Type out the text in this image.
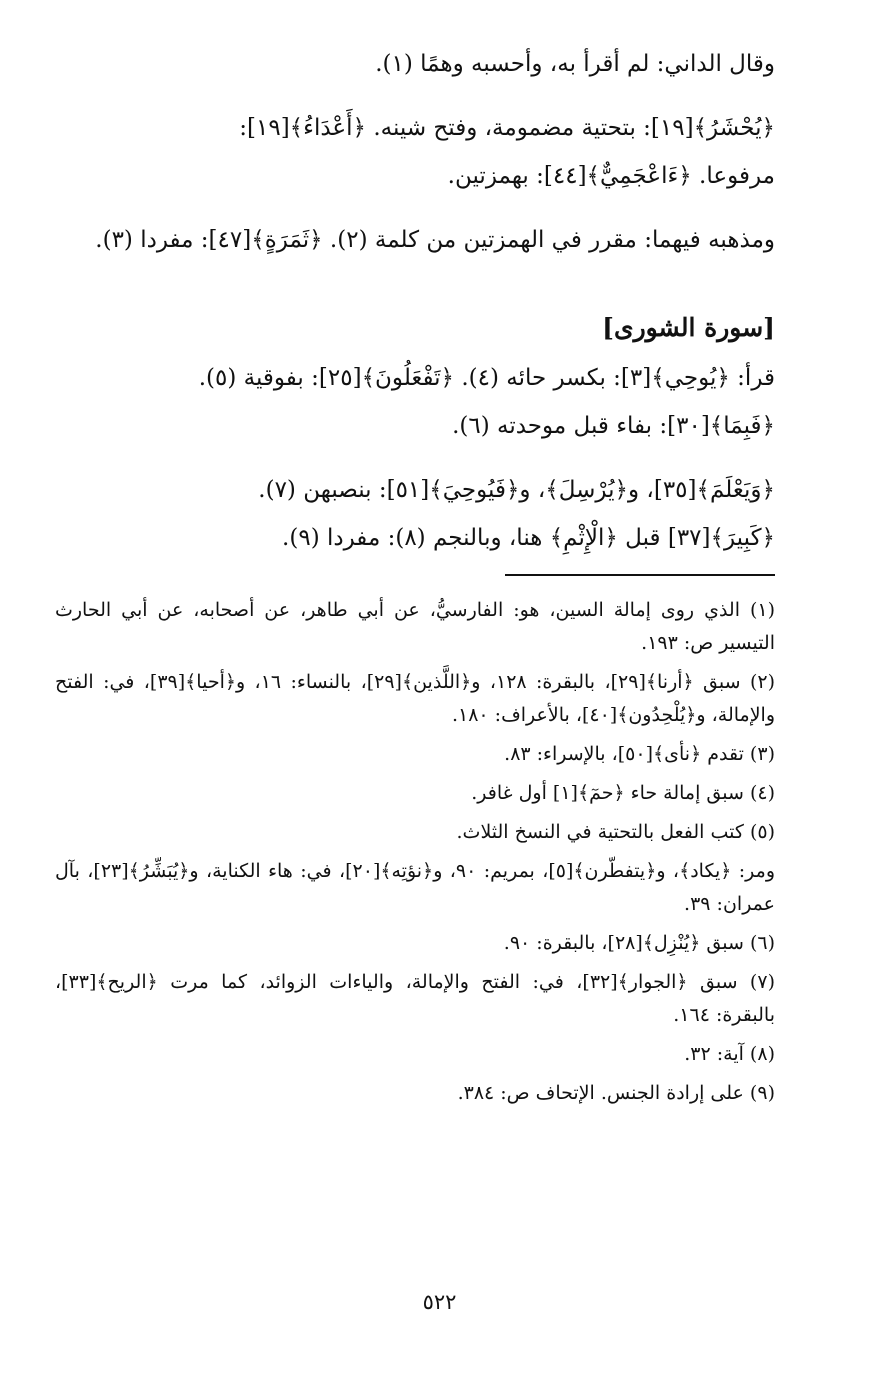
وقال الداني: لم أقرأ به، وأحسبه وهمًا (١).

﴿يُحْشَرُ﴾[١٩]: بتحتية مضمومة، وفتح شينه. ﴿أَعْدَاءُ﴾[١٩]:

مرفوعا. ﴿ءَاعْجَمِيٌّ﴾[٤٤]: بهمزتين.

ومذهبه فيهما: مقرر في الهمزتين من كلمة (٢). ﴿ثَمَرَةٍ﴾[٤٧]: مفردا (٣).

[سورة الشورى]

قرأ: ﴿يُوحِي﴾[٣]: بكسر حائه (٤). ﴿تَفْعَلُونَ﴾[٢٥]: بفوقية (٥).

﴿فَبِمَا﴾[٣٠]: بفاء قبل موحدته (٦).

﴿وَيَعْلَمَ﴾[٣٥]، و﴿يُرْسِلَ﴾، و﴿فَيُوحِيَ﴾[٥١]: بنصبهن (٧).

﴿كَبِيرَ﴾[٣٧] قبل ﴿الْإِثْمِ﴾ هنا، وبالنجم (٨): مفردا (٩).

(١) الذي روى إمالة السين، هو: الفارسيُّ، عن أبي طاهر، عن أصحابه، عن أبي الحارث التيسير ص: ١٩٣.

(٢) سبق ﴿أرنا﴾[٢٩]، بالبقرة: ١٢٨، و﴿اللَّذين﴾[٢٩]، بالنساء: ١٦، و﴿أحيا﴾[٣٩]، في: الفتح والإمالة، و﴿يُلْحِدُون﴾[٤٠]، بالأعراف: ١٨٠.

(٣) تقدم ﴿نأى﴾[٥٠]، بالإسراء: ٨٣.

(٤) سبق إمالة حاء ﴿حمٓ﴾[١] أول غافر.

(٥) كتب الفعل بالتحتية في النسخ الثلاث.

ومر: ﴿يكاد﴾، و﴿يتفطّرن﴾[٥]، بمريم: ٩٠، و﴿نؤتِه﴾[٢٠]، في: هاء الكناية، و﴿يُبَشِّرُ﴾[٢٣]، بآل عمران: ٣٩.

(٦) سبق ﴿يُنْزِل﴾[٢٨]، بالبقرة: ٩٠.

(٧) سبق ﴿الجوار﴾[٣٢]، في: الفتح والإمالة، والياءات الزوائد، كما مرت ﴿الريح﴾[٣٣]، بالبقرة: ١٦٤.

(٨) آية: ٣٢.

(٩) على إرادة الجنس. الإتحاف ص: ٣٨٤.

٥٢٢
